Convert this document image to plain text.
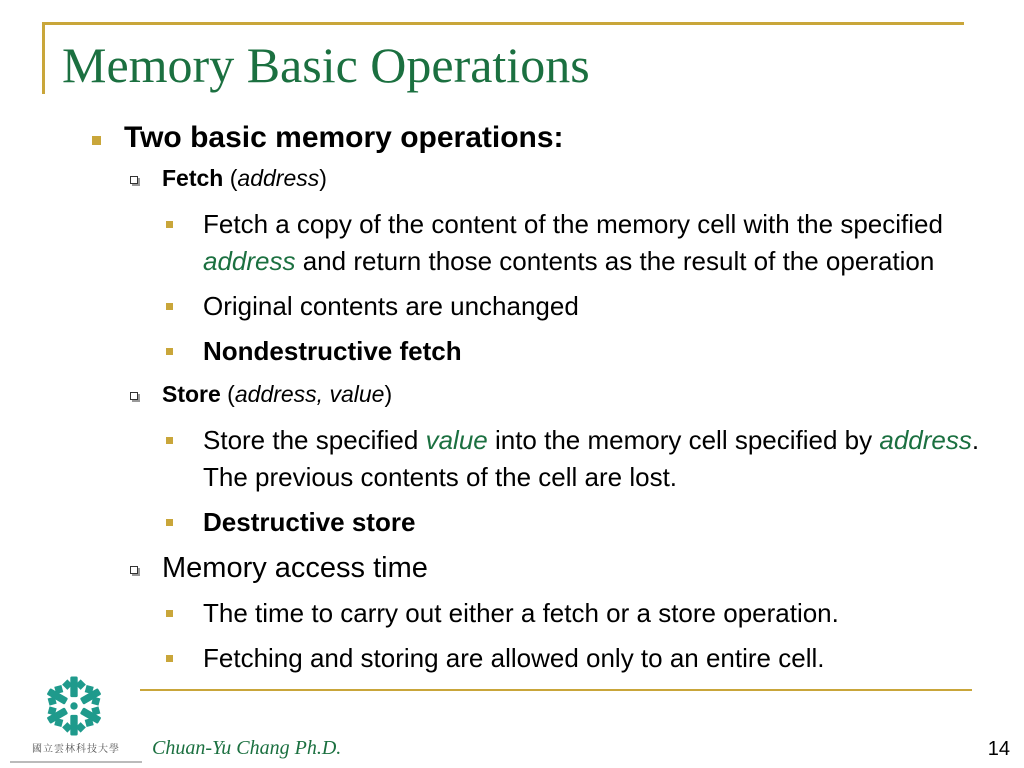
Memory Basic Operations
Two basic memory operations:
Fetch (address)
Fetch a copy of the content of the memory cell with the specified address and return those contents as the result of the operation
Original contents are unchanged
Nondestructive fetch
Store (address, value)
Store the specified value into the memory cell specified by address. The previous contents of the cell are lost.
Destructive store
Memory access time
The time to carry out either a fetch or a store operation.
Fetching and storing are allowed only to an entire cell.
國立雲林科技大學	Chuan-Yu Chang Ph.D.	14
